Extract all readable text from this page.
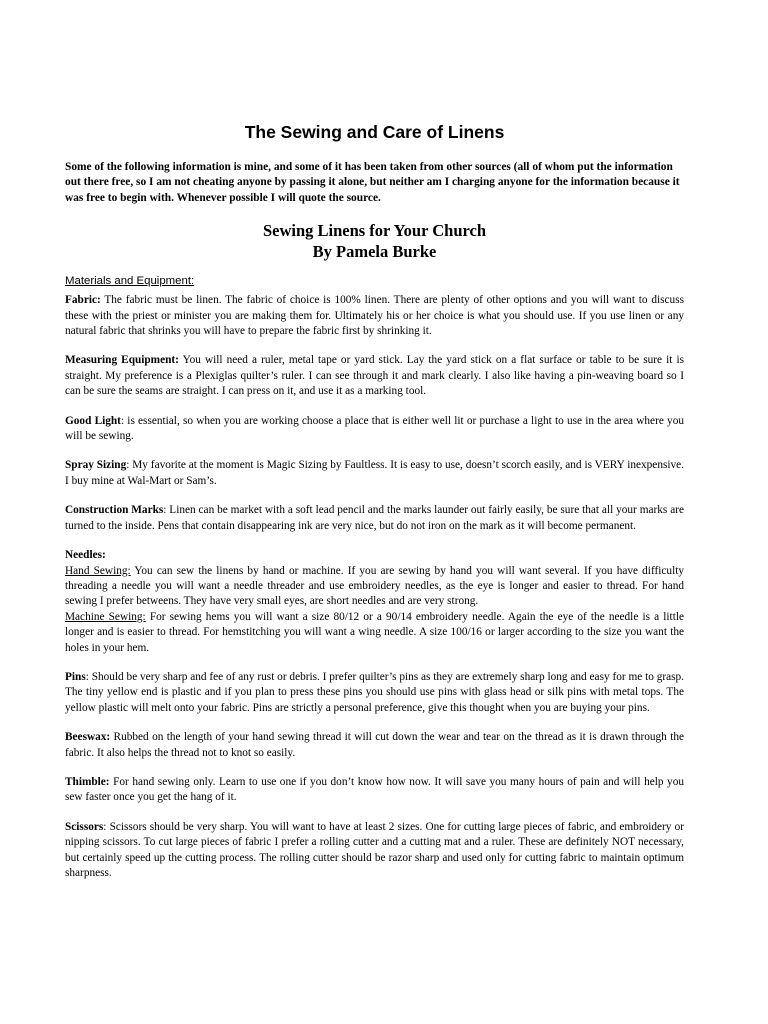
The Sewing and Care of Linens

Some of the following information is mine, and some of it has been taken from other sources (all of whom put the information out there free, so I am not cheating anyone by passing it alone, but neither am I charging anyone for the information because it was free to begin with. Whenever possible I will quote the source.

Sewing Linens for Your Church
By Pamela Burke
Materials and Equipment:

Fabric: The fabric must be linen. The fabric of choice is 100% linen. There are plenty of other options and you will want to discuss these with the priest or minister you are making them for. Ultimately his or her choice is what you should use. If you use linen or any natural fabric that shrinks you will have to prepare the fabric first by shrinking it.

Measuring Equipment: You will need a ruler, metal tape or yard stick. Lay the yard stick on a flat surface or table to be sure it is straight. My preference is a Plexiglas quilter’s ruler. I can see through it and mark clearly. I also like having a pin-weaving board so I can be sure the seams are straight. I can press on it, and use it as a marking tool.

Good Light: is essential, so when you are working choose a place that is either well lit or purchase a light to use in the area where you will be sewing.

Spray Sizing: My favorite at the moment is Magic Sizing by Faultless. It is easy to use, doesn’t scorch easily, and is VERY inexpensive. I buy mine at Wal-Mart or Sam’s.

Construction Marks: Linen can be market with a soft lead pencil and the marks launder out fairly easily, be sure that all your marks are turned to the inside. Pens that contain disappearing ink are very nice, but do not iron on the mark as it will become permanent.

Needles:
Hand Sewing: You can sew the linens by hand or machine. If you are sewing by hand you will want several. If you have difficulty threading a needle you will want a needle threader and use embroidery needles, as the eye is longer and easier to thread. For hand sewing I prefer betweens. They have very small eyes, are short needles and are very strong.
Machine Sewing: For sewing hems you will want a size 80/12 or a 90/14 embroidery needle. Again the eye of the needle is a little longer and is easier to thread. For hemstitching you will want a wing needle. A size 100/16 or larger according to the size you want the holes in your hem.

Pins: Should be very sharp and fee of any rust or debris. I prefer quilter’s pins as they are extremely sharp long and easy for me to grasp. The tiny yellow end is plastic and if you plan to press these pins you should use pins with glass head or silk pins with metal tops. The yellow plastic will melt onto your fabric. Pins are strictly a personal preference, give this thought when you are buying your pins.

Beeswax: Rubbed on the length of your hand sewing thread it will cut down the wear and tear on the thread as it is drawn through the fabric. It also helps the thread not to knot so easily.

Thimble: For hand sewing only. Learn to use one if you don’t know how now. It will save you many hours of pain and will help you sew faster once you get the hang of it.

Scissors: Scissors should be very sharp. You will want to have at least 2 sizes. One for cutting large pieces of fabric, and embroidery or nipping scissors. To cut large pieces of fabric I prefer a rolling cutter and a cutting mat and a ruler. These are definitely NOT necessary, but certainly speed up the cutting process. The rolling cutter should be razor sharp and used only for cutting fabric to maintain optimum sharpness.
